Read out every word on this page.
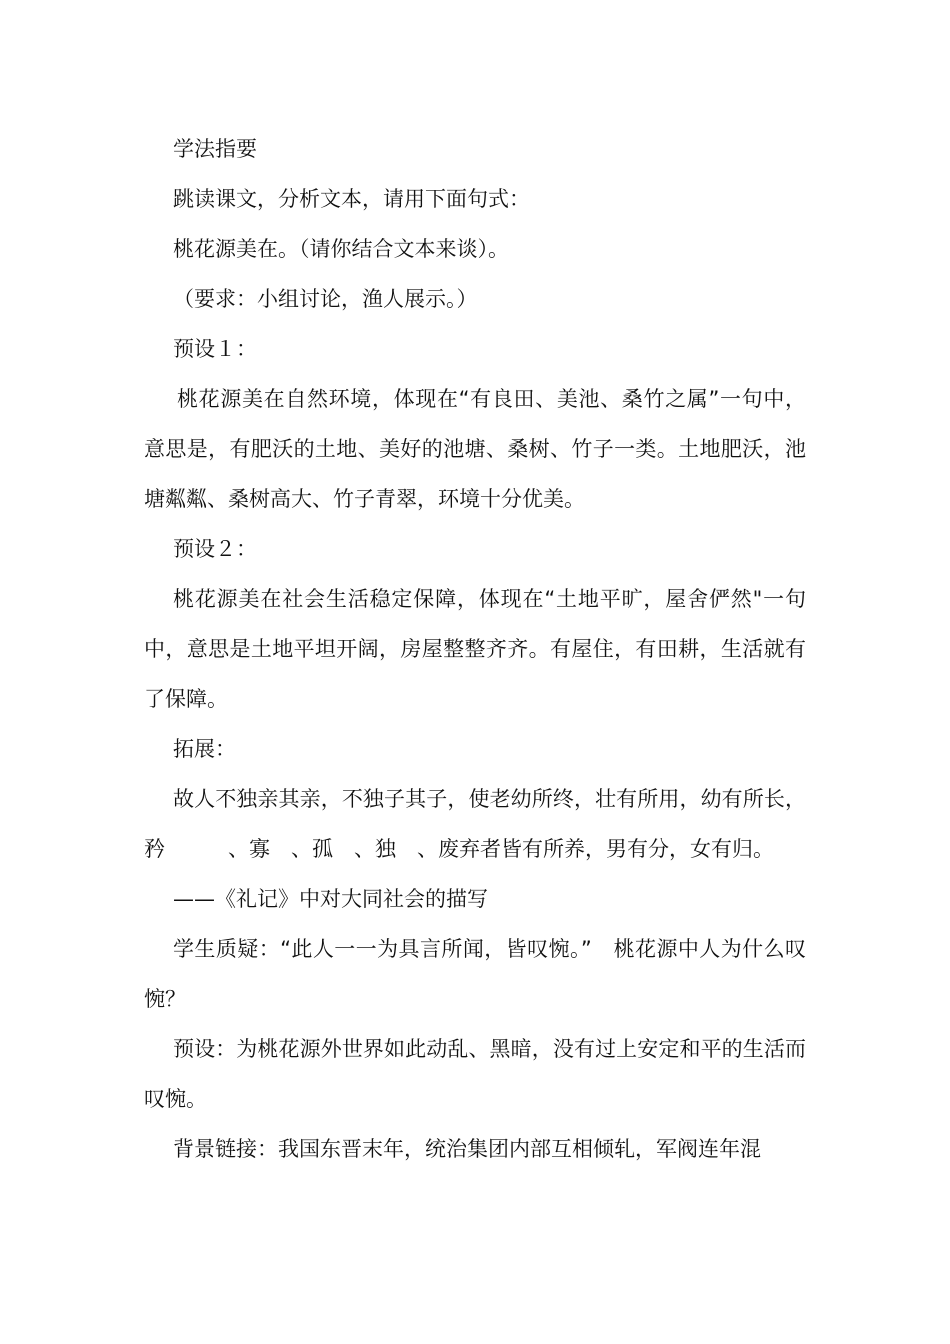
学法指要

跳读课文，分析文本，请用下面句式：

桃花源美在。（请你结合文本来谈）。

（要求：小组讨论，渔人展示。）

预设１：

桃花源美在自然环境，体现在“有良田、美池、桑竹之属”一句中，意思是，有肥沃的土地、美好的池塘、桑树、竹子一类。土地肥沃，池塘粼粼、桑树高大、竹子青翠，环境十分优美。

预设２：

桃花源美在社会生活稳定保障，体现在“土地平旷，屋舍俨然"一句中，意思是土地平坦开阔，房屋整整齐齐。有屋住，有田耕，生活就有了保障。

拓展：

故人不独亲其亲，不独子其子，使老幼所终，壮有所用，幼有所长，矜　　　、寡　、孤　、独　、废弃者皆有所养，男有分，女有归。

——《礼记》中对大同社会的描写

学生质疑：“此人一一为具言所闻，皆叹惋。”　桃花源中人为什么叹惋？

预设：为桃花源外世界如此动乱、黑暗，没有过上安定和平的生活而叹惋。

背景链接：我国东晋末年，统治集团内部互相倾轧，军阀连年混
